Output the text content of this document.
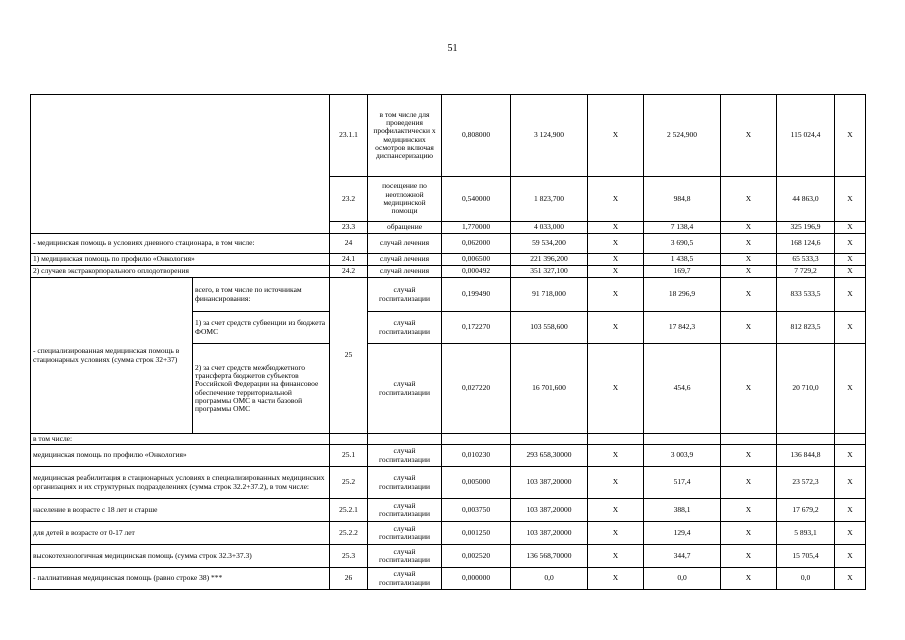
51
		23.1.1	в том числе для проведения профилактически х медицинских осмотров включая диспансеризацию	0,808000	3 124,900	X	2 524,900	X	115 024,4	X
		23.2	посещение по неотложной медицинской помощи	0,540000	1 823,700	X	984,8	X	44 863,0	X
		23.3	обращение	1,770000	4 033,000	X	7 138,4	X	325 196,9	X
- медицинская помощь в условиях дневного стационара, в том числе:		24	случай лечения	0,062000	59 534,200	X	3 690,5	X	168 124,6	X
1) медицинская помощь по профилю «Онкология»		24.1	случай лечения	0,006500	221 396,200	X	1 438,5	X	65 533,3	X
2) случаев экстракорпорального оплодотворения		24.2	случай лечения	0,000492	351 327,100	X	169,7	X	7 729,2	X
- специализированная медицинская помощь в стационарных условиях (сумма строк 32+37)	всего, в том числе по источникам финансирования:	25	случай госпитализации	0,199490	91 718,000	X	18 296,9	X	833 533,5	X
	1) за счет средств субвенции из бюджета ФОМС		случай госпитализации	0,172270	103 558,600	X	17 842,3	X	812 823,5	X
	2) за счет средств межбюджетного трансферта бюджетов субъектов Российской Федерации на финансовое обеспечение территориальной программы ОМС в части базовой программы ОМС		случай госпитализации	0,027220	16 701,600	X	454,6	X	20 710,0	X
в том числе:										
медицинская помощь по профилю «Онкология»		25.1	случай госпитализации	0,010230	293 658,30000	X	3 003,9	X	136 844,8	X
медицинская реабилитация в стационарных условиях в специализированных медицинских организациях и их структурных подразделениях (сумма строк 32.2+37.2), в том числе:		25.2	случай госпитализации	0,005000	103 387,20000	X	517,4	X	23 572,3	X
население в возрасте с 18 лет и старше		25.2.1	случай госпитализации	0,003750	103 387,20000	X	388,1	X	17 679,2	X
для детей в возрасте от 0-17 лет		25.2.2	случай госпитализации	0,001250	103 387,20000	X	129,4	X	5 893,1	X
высокотехнологичная медицинская помощь (сумма строк 32.3+37.3)		25.3	случай госпитализации	0,002520	136 568,70000	X	344,7	X	15 705,4	X
- паллиативная медицинская помощь (равно строке 38) ***		26	случай госпитализации	0,000000	0,0	X	0,0	X	0,0	X
